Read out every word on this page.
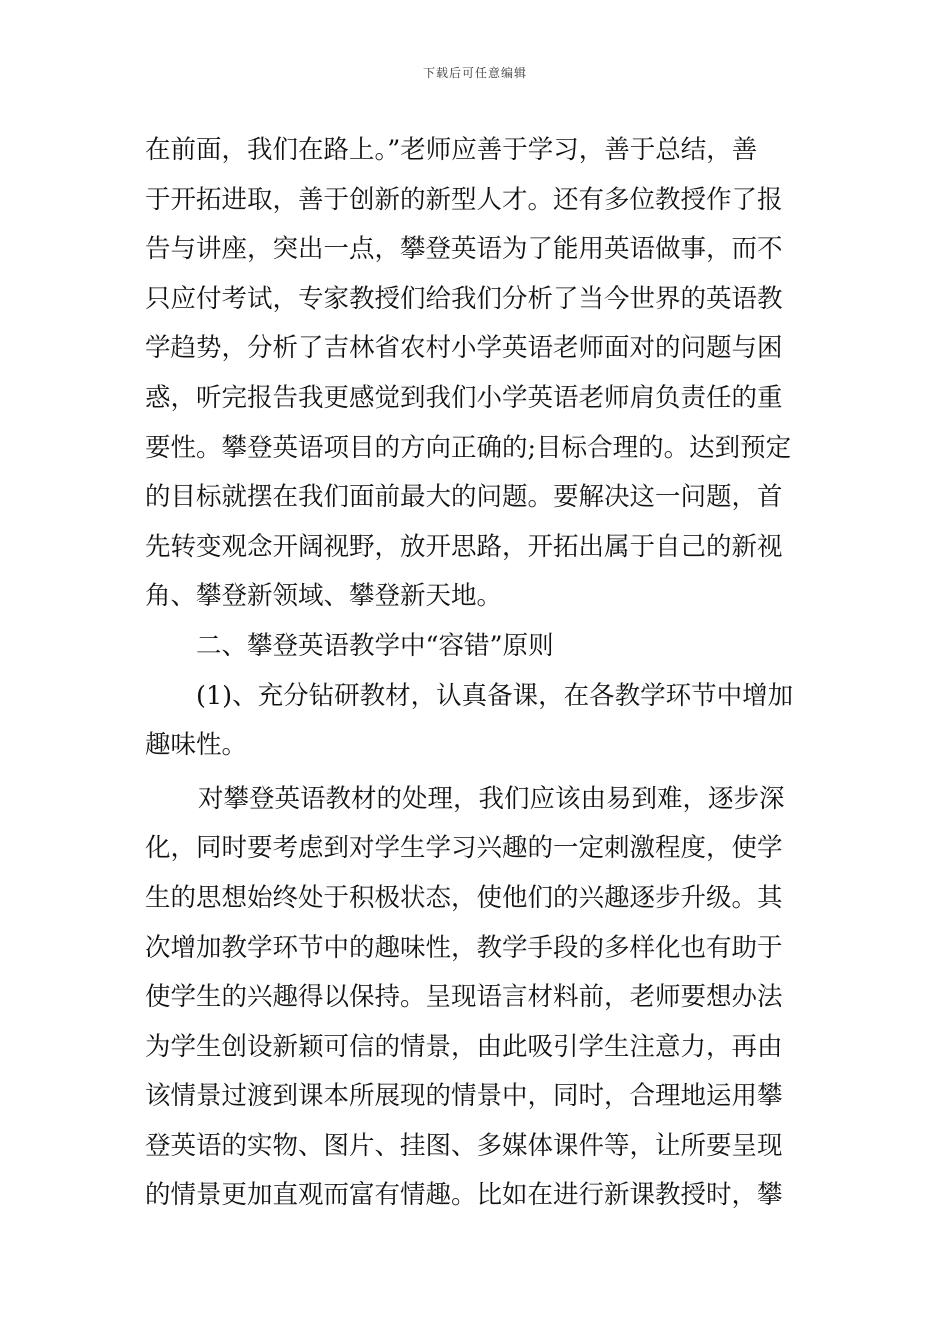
下载后可任意编辑
在前面，我们在路上。”老师应善于学习，善于总结，善
于开拓进取，善于创新的新型人才。还有多位教授作了报
告与讲座，突出一点，攀登英语为了能用英语做事，而不
只应付考试，专家教授们给我们分析了当今世界的英语教
学趋势，分析了吉林省农村小学英语老师面对的问题与困
惑，听完报告我更感觉到我们小学英语老师肩负责任的重
要性。攀登英语项目的方向正确的;目标合理的。达到预定
的目标就摆在我们面前最大的问题。要解决这一问题，首
先转变观念开阔视野，放开思路，开拓出属于自己的新视
角、攀登新领域、攀登新天地。
二、攀登英语教学中“容错”原则
(1)、充分钻研教材，认真备课，在各教学环节中增加
趣味性。
对攀登英语教材的处理，我们应该由易到难，逐步深
化，同时要考虑到对学生学习兴趣的一定刺激程度，使学
生的思想始终处于积极状态，使他们的兴趣逐步升级。其
次增加教学环节中的趣味性，教学手段的多样化也有助于
使学生的兴趣得以保持。呈现语言材料前，老师要想办法
为学生创设新颖可信的情景，由此吸引学生注意力，再由
该情景过渡到课本所展现的情景中，同时，合理地运用攀
登英语的实物、图片、挂图、多媒体课件等，让所要呈现
的情景更加直观而富有情趣。比如在进行新课教授时，攀
